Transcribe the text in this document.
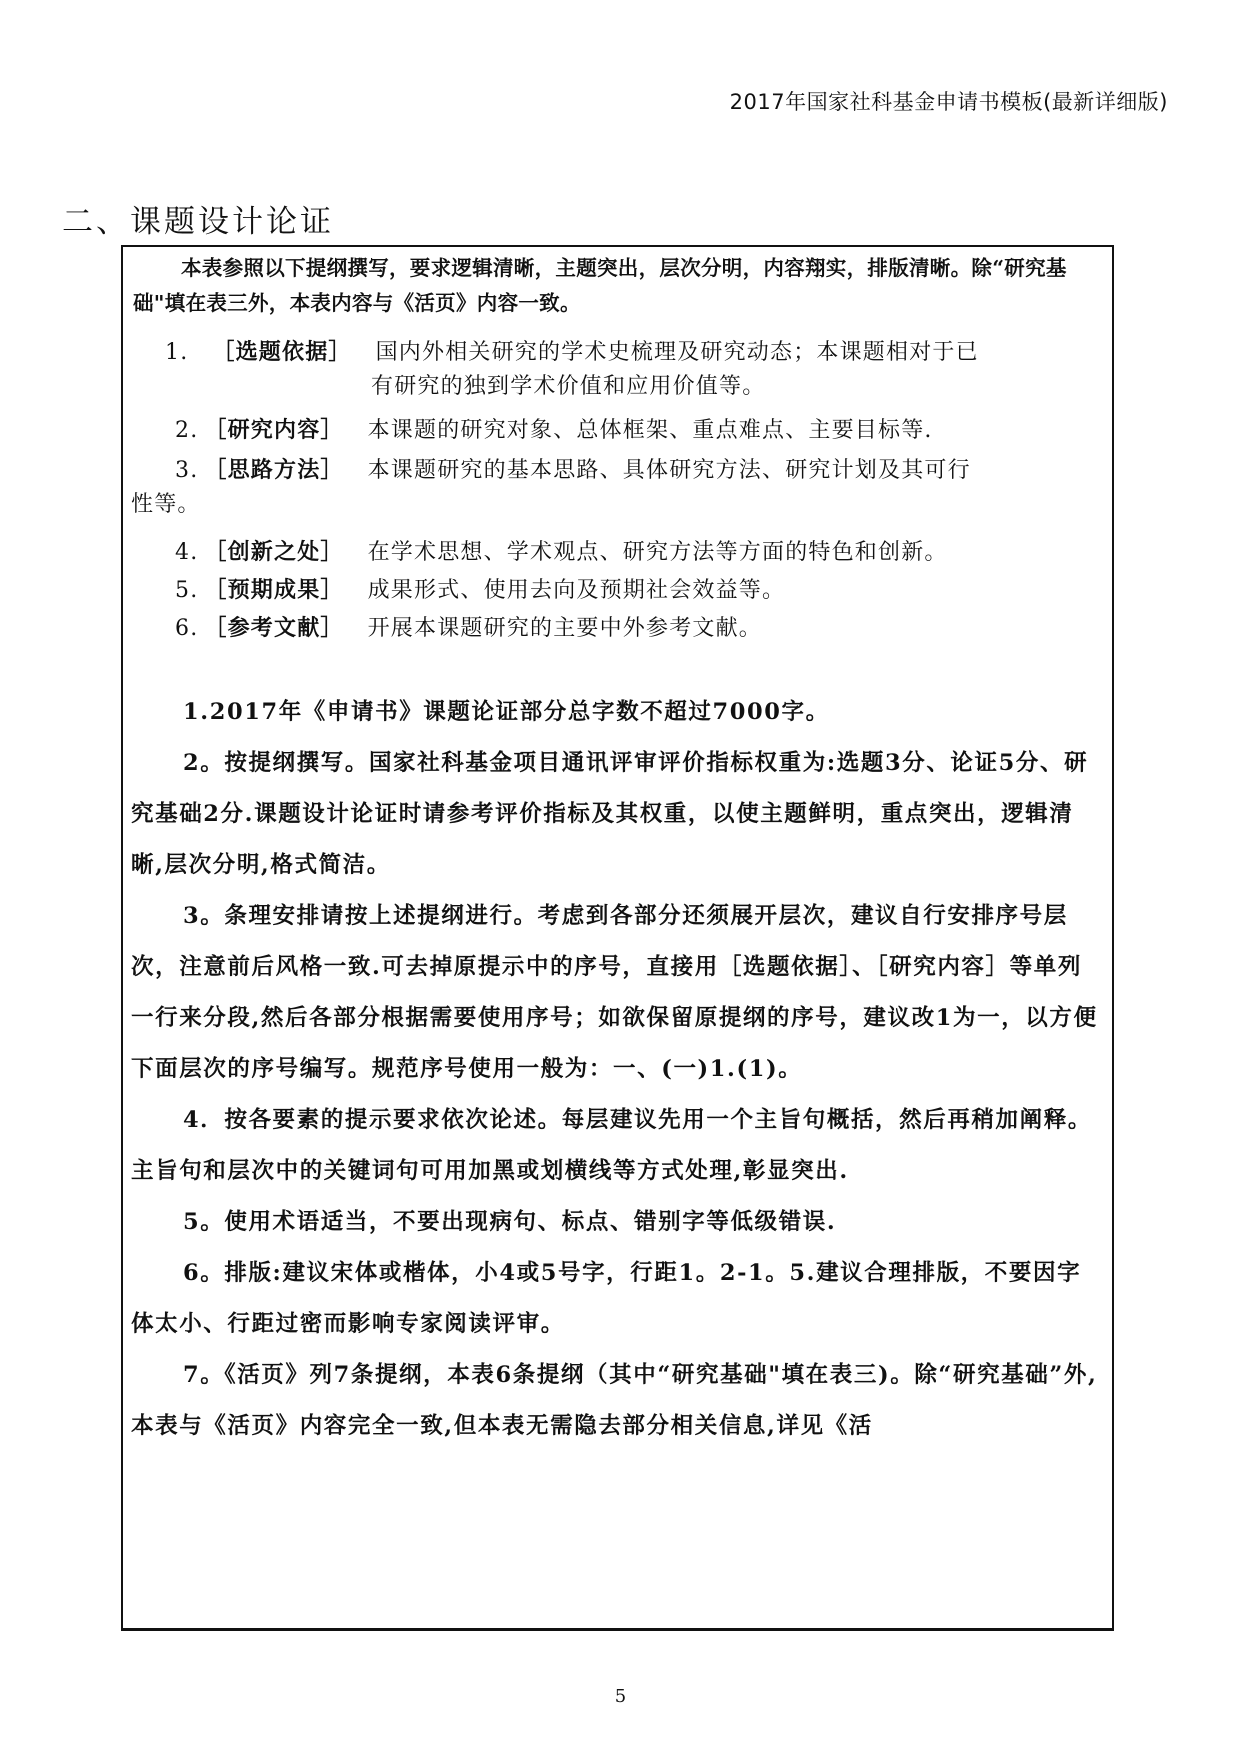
2017年国家社科基金申请书模板(最新详细版)
二、课题设计论证
本表参照以下提纲撰写，要求逻辑清晰，主题突出，层次分明，内容翔实，排版清晰。除“研究基础"填在表三外，本表内容与《活页》内容一致。
1. ［选题依据］ 国内外相关研究的学术史梳理及研究动态；本课题相对于已
有研究的独到学术价值和应用价值等。
2. ［研究内容］ 本课题的研究对象、总体框架、重点难点、主要目标等.
3. ［思路方法］ 本课题研究的基本思路、具体研究方法、研究计划及其可行
性等。
4. ［创新之处］ 在学术思想、学术观点、研究方法等方面的特色和创新。
5. ［预期成果］ 成果形式、使用去向及预期社会效益等。
6. ［参考文献］ 开展本课题研究的主要中外参考文献。

1.2017年《申请书》课题论证部分总字数不超过7000字。

2。按提纲撰写。国家社科基金项目通讯评审评价指标权重为:选题3分、论证5分、研究基础2分.课题设计论证时请参考评价指标及其权重，以使主题鲜明，重点突出，逻辑清晰,层次分明,格式简洁。

3。条理安排请按上述提纲进行。考虑到各部分还须展开层次，建议自行安排序号层次，注意前后风格一致.可去掉原提示中的序号，直接用［选题依据］、［研究内容］等单列一行来分段,然后各部分根据需要使用序号；如欲保留原提纲的序号，建议改1为一，以方便下面层次的序号编写。规范序号使用一般为：一、(一)1.(1)。

4．按各要素的提示要求依次论述。每层建议先用一个主旨句概括，然后再稍加阐释。

主旨句和层次中的关键词句可用加黑或划横线等方式处理,彰显突出.

5。使用术语适当，不要出现病句、标点、错别字等低级错误.

6。排版:建议宋体或楷体，小4或5号字，行距1。2-1。5.建议合理排版，不要因字体太小、行距过密而影响专家阅读评审。

7。《活页》列7条提纲，本表6条提纲（其中“研究基础"填在表三)。除“研究基础”外,本表与《活页》内容完全一致,但本表无需隐去部分相关信息,详见《活

5
